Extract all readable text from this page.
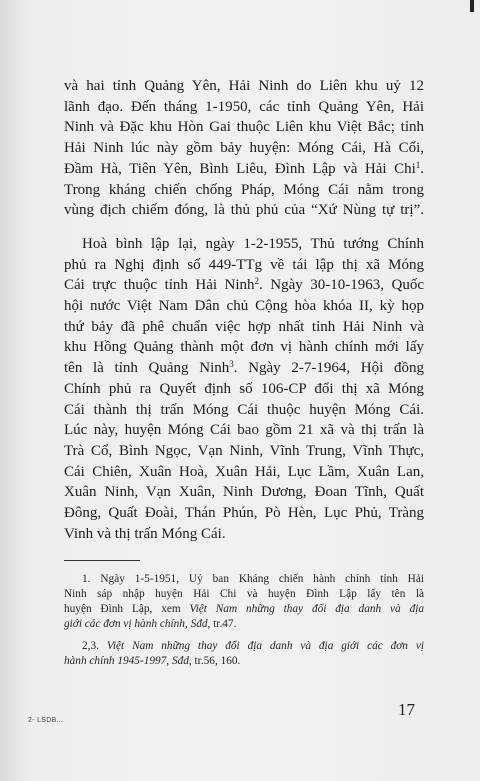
và hai tỉnh Quảng Yên, Hải Ninh do Liên khu uỷ 12
lãnh đạo. Đến tháng 1-1950, các tỉnh Quảng Yên, Hải
Ninh và Đặc khu Hòn Gai thuộc Liên khu Việt Bắc; tỉnh
Hải Ninh lúc này gồm bảy huyện: Móng Cái, Hà Cối,
Đầm Hà, Tiên Yên, Bình Liêu, Đình Lập và Hải Chi$^1$.
Trong kháng chiến chống Pháp, Móng Cái nằm trong
vùng địch chiếm đóng, là thủ phủ của “Xứ Nùng tự trị”.
Hoà bình lập lại, ngày 1-2-1955, Thủ tướng Chính
phủ ra Nghị định số 449-TTg về tái lập thị xã Móng
Cái trực thuộc tỉnh Hải Ninh$^2$. Ngày 30-10-1963, Quốc
hội nước Việt Nam Dân chủ Cộng hòa khóa II, kỳ họp
thứ bảy đã phê chuẩn việc hợp nhất tỉnh Hải Ninh và
khu Hồng Quảng thành một đơn vị hành chính mới lấy
tên là tỉnh Quảng Ninh$^3$. Ngày 2-7-1964, Hội đồng
Chính phủ ra Quyết định số 106-CP đổi thị xã Móng
Cái thành thị trấn Móng Cái thuộc huyện Móng Cái.
Lúc này, huyện Móng Cái bao gồm 21 xã và thị trấn là
Trà Cổ, Bình Ngọc, Vạn Ninh, Vĩnh Trung, Vĩnh Thực,
Cái Chiên, Xuân Hoà, Xuân Hải, Lục Lầm, Xuân Lan,
Xuân Ninh, Vạn Xuân, Ninh Dương, Đoan Tĩnh, Quất
Đông, Quất Đoài, Thán Phún, Pò Hèn, Lục Phủ, Tràng
Vinh và thị trấn Móng Cái.
1. Ngày 1-5-1951, Uỷ ban Kháng chiến hành chính tỉnh Hải
Ninh sáp nhập huyện Hải Chi và huyện Đình Lập lấy tên là
huyện Đình Lập, xem Việt Nam những thay đổi địa danh và địa
giới các đơn vị hành chính, Sđd, tr.47.
2,3. Việt Nam những thay đổi địa danh và địa giới các đơn vị
hành chính 1945-1997, Sđd, tr.56, 160.
17
2- LSDB...
